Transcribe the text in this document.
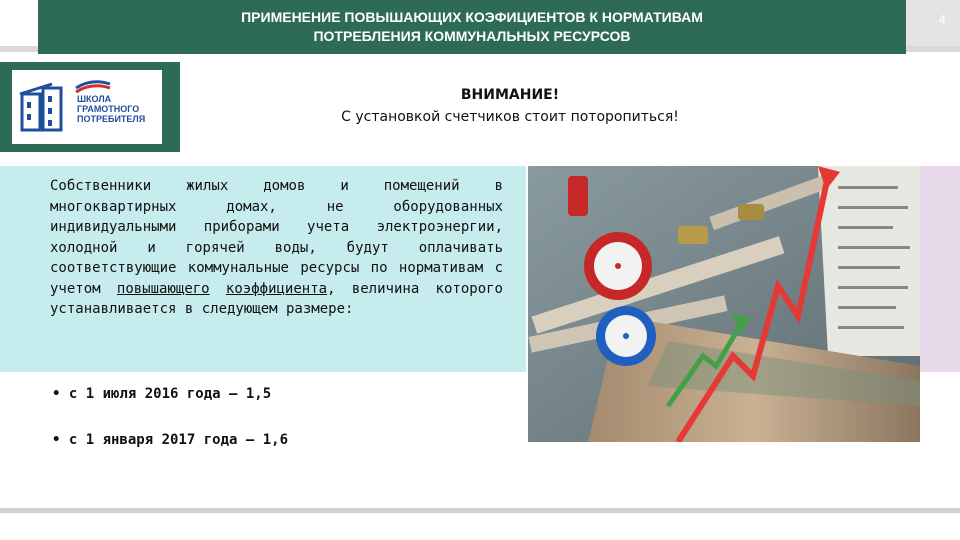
ПРИМЕНЕНИЕ ПОВЫШАЮЩИХ КОЭФИЦИЕНТОВ К НОРМАТИВАМ
ПОТРЕБЛЕНИЯ КОММУНАЛЬНЫХ РЕСУРСОВ
4
ШКОЛА
ГРАМОТНОГО
ПОТРЕБИТЕЛЯ
ВНИМАНИЕ!
С установкой счетчиков стоит поторопиться!
Собственники жилых домов и помещений в многоквартирных домах, не оборудованных индивидуальными приборами учета электроэнергии, холодной и горячей воды, будут оплачивать соответствующие коммунальные ресурсы по нормативам с учетом повышающего коэффициента, величина которого устанавливается в следующем размере:
• с 1 июля 2016 года – 1,5
• с 1 января 2017 года – 1,6
